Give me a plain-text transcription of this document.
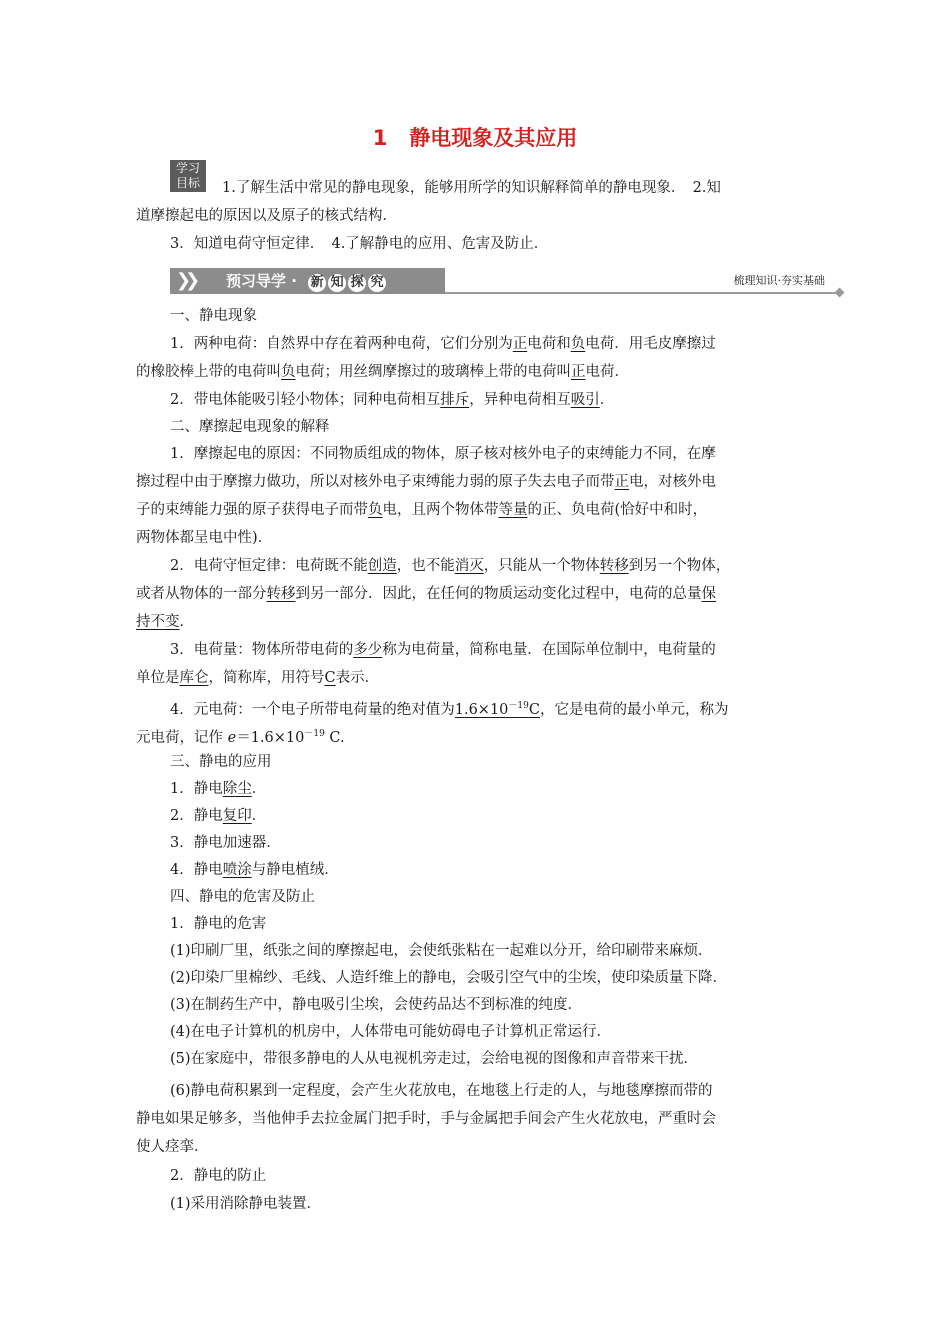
1 静电现象及其应用
学习
目标	1.了解生活中常见的静电现象，能够用所学的知识解释简单的静电现象．　2.知
道摩擦起电的原因以及原子的核式结构．
3．知道电荷守恒定律．　4.了解静电的应用、危害及防止．
❯❯ 预习导学 · 新 知 探 究	梳理知识·夯实基础
一、静电现象
1．两种电荷：自然界中存在着两种电荷，它们分别为正电荷和负电荷．用毛皮摩擦过
的橡胶棒上带的电荷叫负电荷；用丝绸摩擦过的玻璃棒上带的电荷叫正电荷．
2．带电体能吸引轻小物体；同种电荷相互排斥，异种电荷相互吸引．
二、摩擦起电现象的解释
1．摩擦起电的原因：不同物质组成的物体，原子核对核外电子的束缚能力不同，在摩
擦过程中由于摩擦力做功，所以对核外电子束缚能力弱的原子失去电子而带正电，对核外电
子的束缚能力强的原子获得电子而带负电，且两个物体带等量的正、负电荷(恰好中和时，
两物体都呈电中性)．
2．电荷守恒定律：电荷既不能创造，也不能消灭，只能从一个物体转移到另一个物体，
或者从物体的一部分转移到另一部分．因此，在任何的物质运动变化过程中，电荷的总量保
持不变．
3．电荷量：物体所带电荷的多少称为电荷量，简称电量．在国际单位制中，电荷量的
单位是库仑，简称库，用符号C表示．
4．元电荷：一个电子所带电荷量的绝对值为$1.6\times 10^{-19}C$，它是电荷的最小单元，称为
元电荷，记作 $e=1.6\times 10^{-19}$ C.
三、静电的应用
1．静电除尘．
2．静电复印．
3．静电加速器．
4．静电喷涂与静电植绒．
四、静电的危害及防止
1．静电的危害
(1)印刷厂里，纸张之间的摩擦起电，会使纸张粘在一起难以分开，给印刷带来麻烦．
(2)印染厂里棉纱、毛线、人造纤维上的静电，会吸引空气中的尘埃，使印染质量下降．
(3)在制药生产中，静电吸引尘埃，会使药品达不到标准的纯度．
(4)在电子计算机的机房中，人体带电可能妨碍电子计算机正常运行．
(5)在家庭中，带很多静电的人从电视机旁走过，会给电视的图像和声音带来干扰．
(6)静电荷积累到一定程度，会产生火花放电，在地毯上行走的人，与地毯摩擦而带的
静电如果足够多，当他伸手去拉金属门把手时，手与金属把手间会产生火花放电，严重时会
使人痉挛．
2．静电的防止
(1)采用消除静电装置．
